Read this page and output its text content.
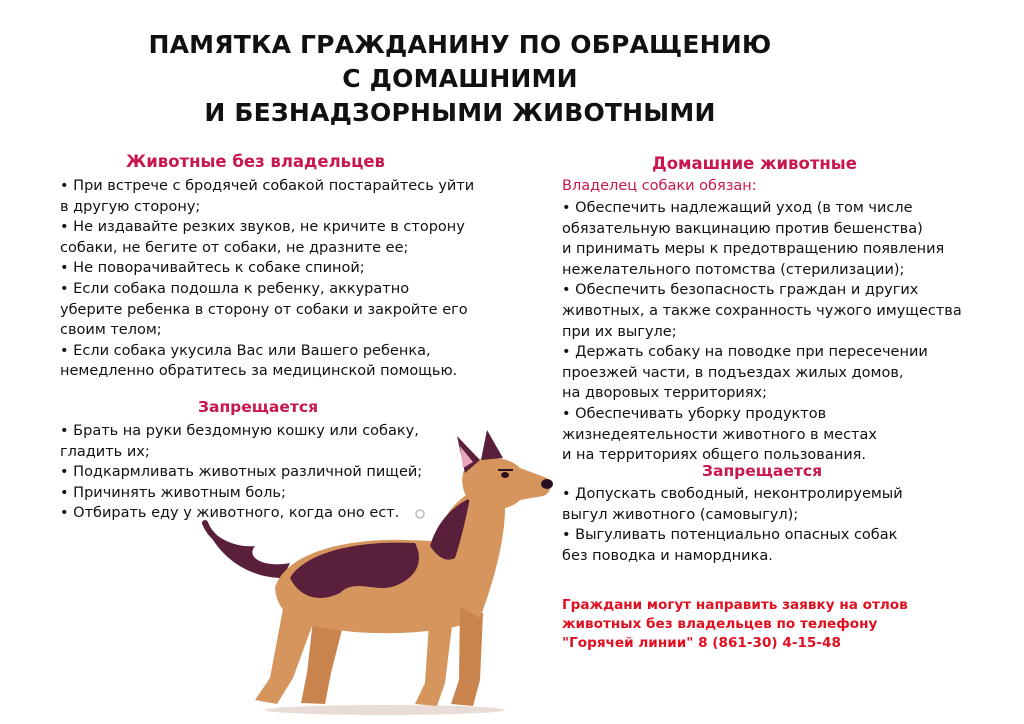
ПАМЯТКА ГРАЖДАНИНУ ПО ОБРАЩЕНИЮ
С ДОМАШНИМИ
И БЕЗНАДЗОРНЫМИ ЖИВОТНЫМИ
Животные без владельцев
• При встрече с бродячей собакой постарайтесь уйти
в другую сторону;
• Не издавайте резких звуков, не кричите в сторону
собаки, не бегите от собаки, не дразните ее;
• Не поворачивайтесь к собаке спиной;
• Если собака подошла к ребенку, аккуратно
уберите ребенка в сторону от собаки и закройте его
своим телом;
• Если собака укусила Вас или Вашего ребенка,
немедленно обратитесь за медицинской помощью.
Запрещается
• Брать на руки бездомную кошку или собаку,
гладить их;
• Подкармливать животных различной пищей;
• Причинять животным боль;
• Отбирать еду у животного, когда оно ест.
Домашние животные
Владелец собаки обязан:
• Обеспечить надлежащий уход (в том числе
обязательную вакцинацию против бешенства)
и принимать меры к предотвращению появления
нежелательного потомства (стерилизации);
• Обеспечить безопасность граждан и других
животных, а также сохранность чужого имущества
при их выгуле;
• Держать собаку на поводке при пересечении
проезжей части, в подъездах жилых домов,
на дворовых территориях;
• Обеспечивать уборку продуктов
жизнедеятельности животного в местах
и на территориях общего пользования.
Запрещается
• Допускать свободный, неконтролируемый
выгул животного (самовыгул);
• Выгуливать потенциально опасных собак
без поводка и намордника.
Граждани могут направить заявку на отлов
животных без владельцев по телефону
"Горячей линии" 8 (861-30) 4-15-48
